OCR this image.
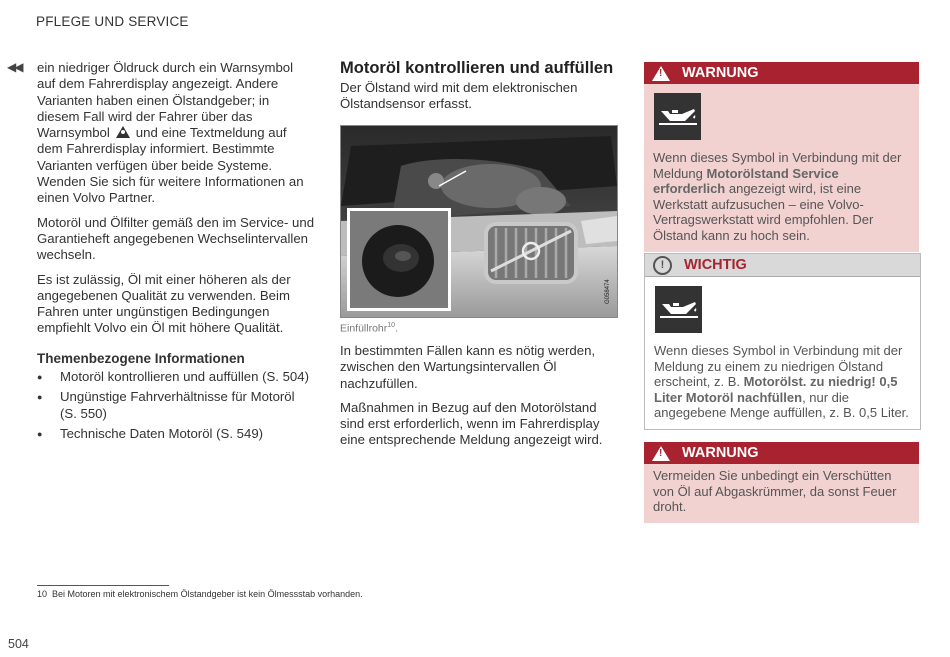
PFLEGE UND SERVICE
◀◀ ein niedriger Öldruck durch ein Warnsymbol auf dem Fahrerdisplay angezeigt. Andere Varianten haben einen Ölstandgeber; in diesem Fall wird der Fahrer über das Warnsymbol und eine Textmeldung auf dem Fahrerdisplay informiert. Bestimmte Varianten verfügen über beide Systeme. Wenden Sie sich für weitere Informationen an einen Volvo Partner.

Motoröl und Ölfilter gemäß den im Service- und Garantieheft angegebenen Wechselintervallen wechseln.

Es ist zulässig, Öl mit einer höheren als der angegebenen Qualität zu verwenden. Beim Fahren unter ungünstigen Bedingungen empfiehlt Volvo ein Öl mit höhere Qualität.

Themenbezogene Informationen
● Motoröl kontrollieren und auffüllen (S. 504)
● Ungünstige Fahrverhältnisse für Motoröl (S. 550)
● Technische Daten Motoröl (S. 549)
Motoröl kontrollieren und auffüllen

Der Ölstand wird mit dem elektronischen Ölstandsensor erfasst.

G058474
Einfüllrohr$^{10}$.

In bestimmten Fällen kann es nötig werden, zwischen den Wartungsintervallen Öl nachzufüllen.

Maßnahmen in Bezug auf den Motorölstand sind erst erforderlich, wenn im Fahrerdisplay eine entsprechende Meldung angezeigt wird.

!
WARNUNG
Wenn dieses Symbol in Verbindung mit der Meldung Motorölstand Service erforderlich angezeigt wird, ist eine Werkstatt aufzusuchen – eine Volvo-Vertragswerkstatt wird empfohlen. Der Ölstand kann zu hoch sein.
!	WICHTIG
Wenn dieses Symbol in Verbindung mit der Meldung zu einem zu niedrigen Ölstand erscheint, z. B. Motorölst. zu niedrig! 0,5 Liter Motoröl nachfüllen, nur die angegebene Menge auffüllen, z. B. 0,5 Liter.
!
WARNUNG
Vermeiden Sie unbedingt ein Verschütten von Öl auf Abgaskrümmer, da sonst Feuer droht.
10 Bei Motoren mit elektronischem Ölstandgeber ist kein Ölmessstab vorhanden.
504
